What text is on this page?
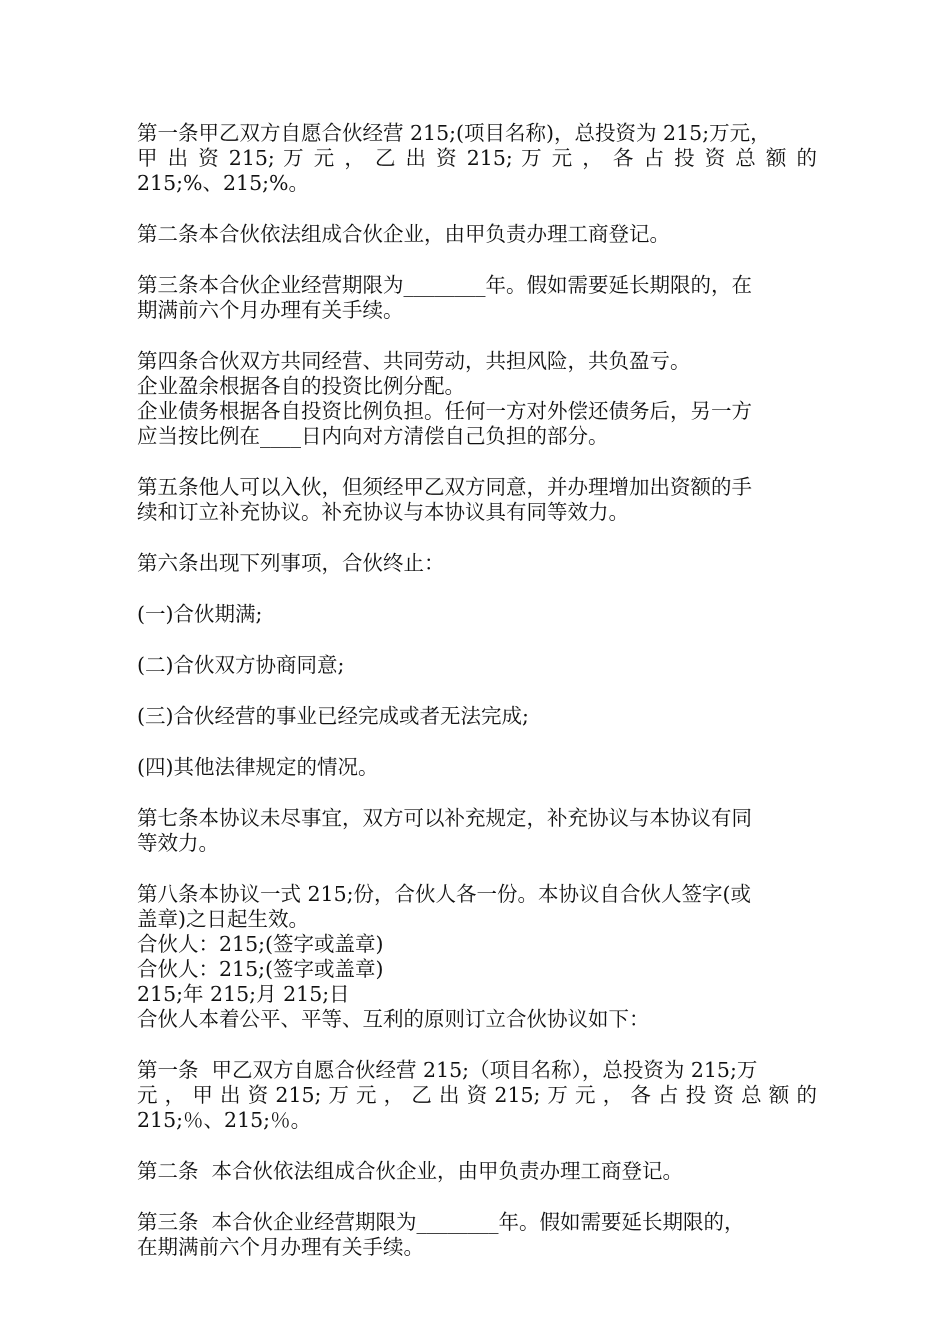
第一条甲乙双方自愿合伙经营 215;(项目名称)，总投资为 215;万元，
甲 出 资 215; 万 元 ， 乙 出 资 215; 万 元 ， 各 占 投 资 总 额 的
215;%、215;%。
第二条本合伙依法组成合伙企业，由甲负责办理工商登记。
第三条本合伙企业经营期限为________年。假如需要延长期限的，在
期满前六个月办理有关手续。
第四条合伙双方共同经营、共同劳动，共担风险，共负盈亏。
企业盈余根据各自的投资比例分配。
企业债务根据各自投资比例负担。任何一方对外偿还债务后，另一方
应当按比例在____日内向对方清偿自己负担的部分。
第五条他人可以入伙，但须经甲乙双方同意，并办理增加出资额的手
续和订立补充协议。补充协议与本协议具有同等效力。
第六条出现下列事项，合伙终止：
(一)合伙期满;
(二)合伙双方协商同意;
(三)合伙经营的事业已经完成或者无法完成;
(四)其他法律规定的情况。
第七条本协议未尽事宜，双方可以补充规定，补充协议与本协议有同
等效力。
第八条本协议一式 215;份，合伙人各一份。本协议自合伙人签字(或
盖章)之日起生效。
合伙人：215;(签字或盖章)
合伙人：215;(签字或盖章)
215;年 215;月 215;日
合伙人本着公平、平等、互利的原则订立合伙协议如下：
第一条  甲乙双方自愿合伙经营 215;（项目名称），总投资为 215;万
元 ， 甲 出 资 215; 万 元 ， 乙 出 资 215; 万 元 ， 各 占 投 资 总 额 的
215;％、215;％。
第二条  本合伙依法组成合伙企业，由甲负责办理工商登记。
第三条  本合伙企业经营期限为________年。假如需要延长期限的，
在期满前六个月办理有关手续。
